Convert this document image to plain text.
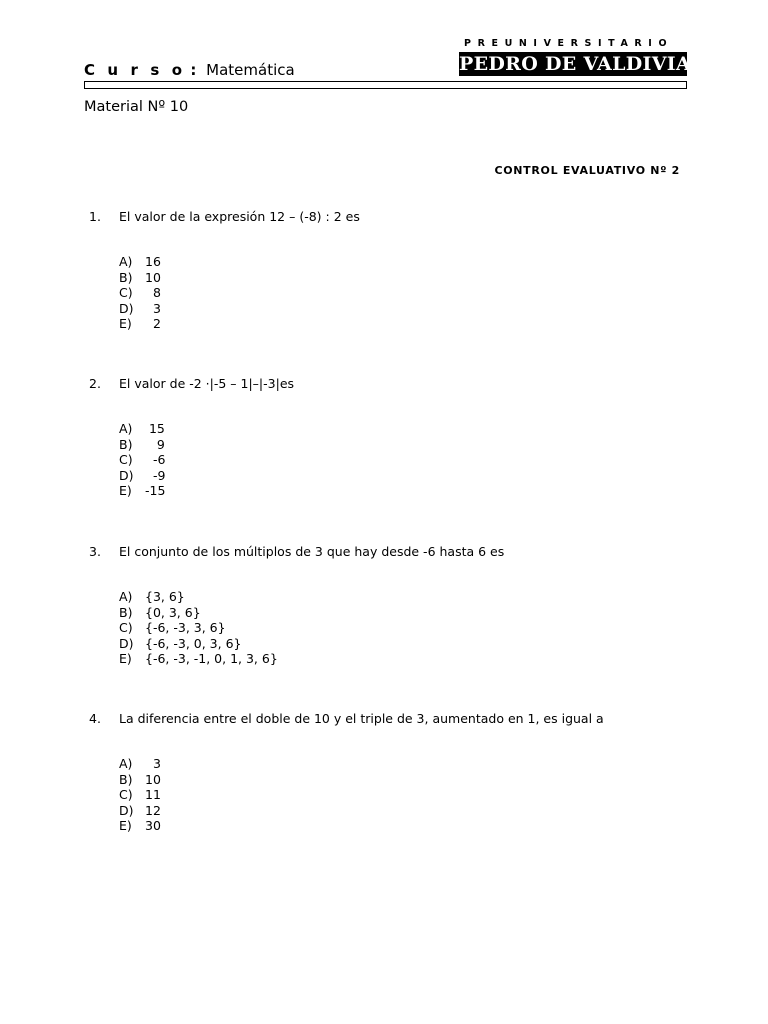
C u r s o : Matemática
PREUNIVERSITARIO
PEDRO DE VALDIVIA
Material Nº 10
CONTROL EVALUATIVO Nº 2
1. El valor de la expresión 12 – (-8) : 2 es
A) 16
B) 10
C)  8
D)  3
E)  2
2. El valor de -2 ·|-5 – 1|–|-3|es
A) 15
B)   9
C)  -6
D)  -9
E) -15
3. El conjunto de los múltiplos de 3 que hay desde -6 hasta 6 es
A) {3, 6}
B) {0, 3, 6}
C) {-6, -3, 3, 6}
D) {-6, -3, 0, 3, 6}
E) {-6, -3, -1, 0, 1, 3, 6}
4. La diferencia entre el doble de 10 y el triple de 3, aumentado en 1, es igual a
A)  3
B) 10
C) 11
D) 12
E) 30
